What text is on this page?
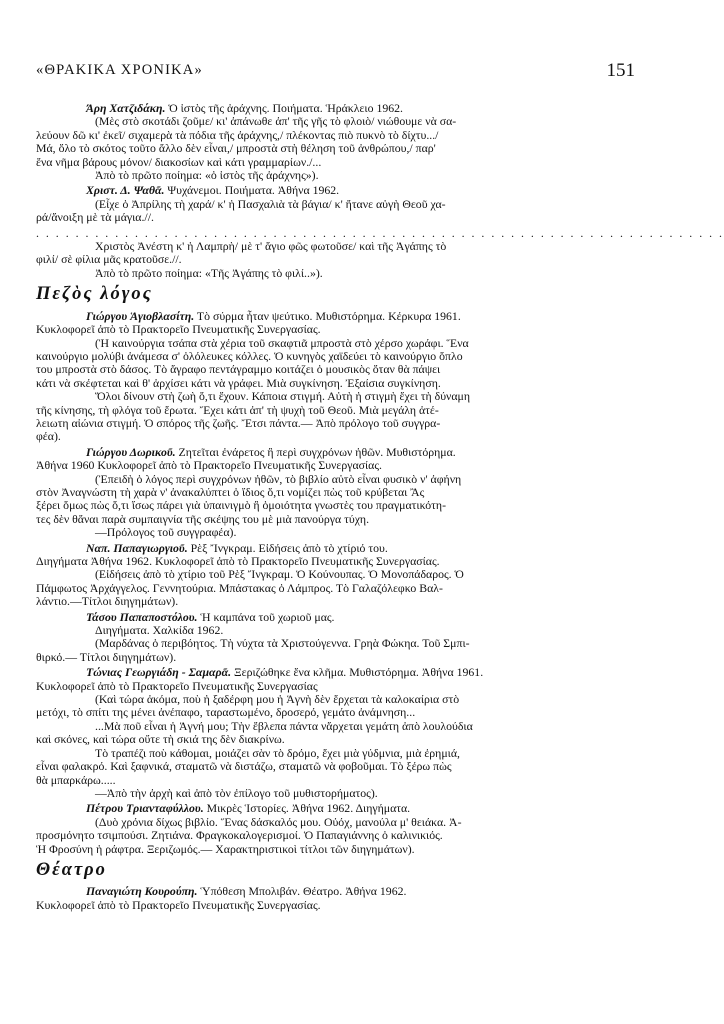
«ΘΡΑΚΙΚΑ ΧΡΟΝΙΚΑ»	151

Άρη Χατζιδάκη. Ὁ ἱστὸς τῆς ἀράχνης. Ποιήματα. Ἡράκλειο 1962.

(Μὲς στὸ σκοτάδι ζοῦμε/ κι' ἀπάνωθε ἀπ' τῆς γῆς τὸ φλοιὸ/ νιώθουμε νὰ σα-

λεύουν δῶ κι' ἐκεῖ/ σιχαμερὰ τὰ πόδια τῆς ἀράχνης,/ πλέκοντας πιὸ πυκνὸ τὸ δίχτυ.../

Μά, ὅλο τὸ σκότος τοῦτο ἄλλο δὲν εἶναι,/ μπροστὰ στὴ θέληση τοῦ ἀνθρώπου,/ παρ'

ἕνα νῆμα βάρους μόνον/ διακοσίων καὶ κάτι γραμμαρίων./...

Ἀπὸ τὸ πρῶτο ποίημα: «ὁ ἱστὸς τῆς ἀράχνης»).

Χριστ. Δ. Ψαθᾶ. Ψυχάνεμοι. Ποιήματα. Ἀθήνα 1962.

(Εἶχε ὁ Ἀπρίλης τὴ χαρά/ κ' ἡ Πασχαλιὰ τὰ βάγια/ κ' ἤτανε αὐγὴ Θεοῦ χα-

ρά/ἄνοιξη μὲ τὰ μάγια.//.

. . . . . . . . . . . . . . . . . . . . . . . . . . . . . . . . . . . . . . . . . . . . . . . . . . . . . . . . . . . . . . . . . . . . . .

Χριστὸς Ἀνέστη κ' ἡ Λαμπρὴ/ μὲ τ' ἅγιο φῶς φωτοῦσε/ καὶ τῆς Ἀγάπης τὸ

φιλί/ σὲ φίλια μᾶς κρατοῦσε.//.

Ἀπὸ τὸ πρῶτο ποίημα: «Τῆς Ἀγάπης τὸ φιλί..»).

Πεζὸς λόγος

Γιώργου Ἁγιοβλασίτη. Τὸ σύρμα ἦταν ψεύτικο. Μυθιστόρημα. Κέρκυρα 1961.

Κυκλοφορεῖ ἀπὸ τὸ Πρακτορεῖο Πνευματικῆς Συνεργασίας.

(Ἡ καινούργια τσάπα στὰ χέρια τοῦ σκαφτιᾶ μπροστὰ στὸ χέρσο χωράφι. Ἕνα

καινούργιο μολύβι ἀνάμεσα σ' ὁλόλευκες κόλλες. Ὁ κυνηγὸς χαϊδεύει τὸ καινούργιο ὅπλο

του μπροστὰ στὸ δάσος. Τὸ ἄγραφο πεντάγραμμο κοιτάζει ὁ μουσικὸς ὅταν θὰ πάψει

κάτι νὰ σκέφτεται καὶ θ' ἀρχίσει κάτι νὰ γράφει. Μιὰ συγκίνηση. Ἐξαίσια συγκίνηση.

Ὅλοι δίνουν στὴ ζωὴ ὅ,τι ἔχουν. Κάποια στιγμή. Αὐτὴ ἡ στιγμὴ ἔχει τὴ δύναμη

τῆς κίνησης, τὴ φλόγα τοῦ ἔρωτα. Ἔχει κάτι ἀπ' τὴ ψυχὴ τοῦ Θεοῦ. Μιὰ μεγάλη ἀτέ-

λειωτη αἰώνια στιγμή. Ὁ σπόρος τῆς ζωῆς. Ἔτσι πάντα.— Ἀπὸ πρόλογο τοῦ συγγρα-

φέα).

Γιώργου Δωρικοῦ. Ζητεῖται ἐνάρετος ἢ περὶ συγχρόνων ἠθῶν. Μυθιστόρημα.

Ἀθήνα 1960 Κυκλοφορεῖ ἀπὸ τὸ Πρακτορεῖο Πνευματικῆς Συνεργασίας.

(Ἐπειδὴ ὁ λόγος περὶ συγχρόνων ἠθῶν, τὸ βιβλίο αὐτὸ εἶναι φυσικὸ ν' ἀφήνη

στὸν Ἀναγνώστη τὴ χαρὰ ν' ἀνακαλύπτει ὁ ἴδιος ὅ,τι νομίζει πὼς τοῦ κρύβεται Ἂς

ξέρει ὅμως πὼς ὅ,τι ἴσως πάρει γιὰ ὑπαινιγμὸ ἢ ὁμοιότητα γνωστὲς του πραγματικότη-

τες δὲν θἄναι παρὰ συμπαιγνία τῆς σκέψης του μὲ μιὰ πανούργα τύχη.

—Πρόλογος τοῦ συγγραφέα).

Ναπ. Παπαγιωργιοῦ. Ρὲξ Ἴνγκραμ. Εἰδήσεις ἀπὸ τὸ χτίριό του.

Διηγήματα Ἀθήνα 1962. Κυκλοφορεῖ ἀπὸ τὸ Πρακτορεῖο Πνευματικῆς Συνεργασίας.

(Εἰδήσεις ἀπὸ τὸ χτίριο τοῦ Ρὲξ Ἴνγκραμ. Ὁ Κούνουπας. Ὁ Μονοπάδαρος. Ὁ

Πάμφωτος Ἀρχάγγελος. Γεννητούρια. Μπάστακας ὁ Λάμπρος. Τὸ Γαλαζόλεφκο Βαλ-

λάντιο.—Τίτλοι διηγημάτων).

Τάσου Παπαποστόλου. Ἡ καμπάνα τοῦ χωριοῦ μας.

Διηγήματα. Χαλκίδα 1962.

(Μαρδάνας ὁ περιβόητος. Τὴ νύχτα τὰ Χριστούγεννα. Γρηὰ Φώκηα. Τοῦ Σμπι-

θιρκό.— Τίτλοι διηγημάτων).

Τώνιας Γεωργιάδη - Σαμαρᾶ. Ξεριζώθηκε ἕνα κλῆμα. Μυθιστόρημα. Ἀθήνα 1961.

Κυκλοφορεῖ ἀπὸ τὸ Πρακτορεῖο Πνευματικῆς Συνεργασίας

(Καὶ τώρα ἀκόμα, ποὺ ἡ ξαδέρφη μου ἡ Ἁγνὴ δὲν ἔρχεται τὰ καλοκαίρια στὸ

μετόχι, τὸ σπίτι της μένει ἀνέπαφο, ταραστωμένο, δροσερό, γεμάτο ἀνάμνηση...

...Μὰ ποῦ εἶναι ἡ Ἁγνή μου; Τὴν ἔβλεπα πάντα νἄρχεται γεμάτη ἀπὸ λουλούδια

καὶ σκόνες, καὶ τώρα οὔτε τὴ σκιά της δὲν διακρίνω.

Τὸ τραπέζι ποὺ κάθομαι, μοιάζει σὰν τὸ δρόμο, ἔχει μιὰ γύδμνια, μιὰ ἐρημιά,

εἶναι φαλακρό. Καὶ ξαφνικά, σταματῶ νὰ διστάζω, σταματῶ νὰ φοβοῦμαι. Τὸ ξέρω πὼς

θὰ μπαρκάρω.....

—Ἀπὸ τὴν ἀρχὴ καὶ ἀπὸ τὸν ἐπίλογο τοῦ μυθιστορήματος).

Πέτρου Τριανταφύλλου. Μικρὲς Ἱστορίες. Ἀθήνα 1962. Διηγήματα.

(Δυὸ χρόνια δίχως βιβλίο. Ἕνας δάσκαλός μου. Οὐόχ, μανούλα μ' θειάκα. Ἀ-

προσμόνητο τσιμπούσι. Ζητιάνα. Φραγκοκαλογερισμοί. Ὁ Παπαγιάννης ὁ καλινικιός.

Ἡ Φροσύνη ἡ ράφτρα. Ξεριζωμός.— Χαρακτηριστικοὶ τίτλοι τῶν διηγημάτων).

Θέατρο

Παναγιώτη Κουρούπη. Ὑπόθεση Μπολιβάν. Θέατρο. Ἀθήνα 1962.

Κυκλοφορεῖ ἀπὸ τὸ Πρακτορεῖο Πνευματικῆς Συνεργασίας.
